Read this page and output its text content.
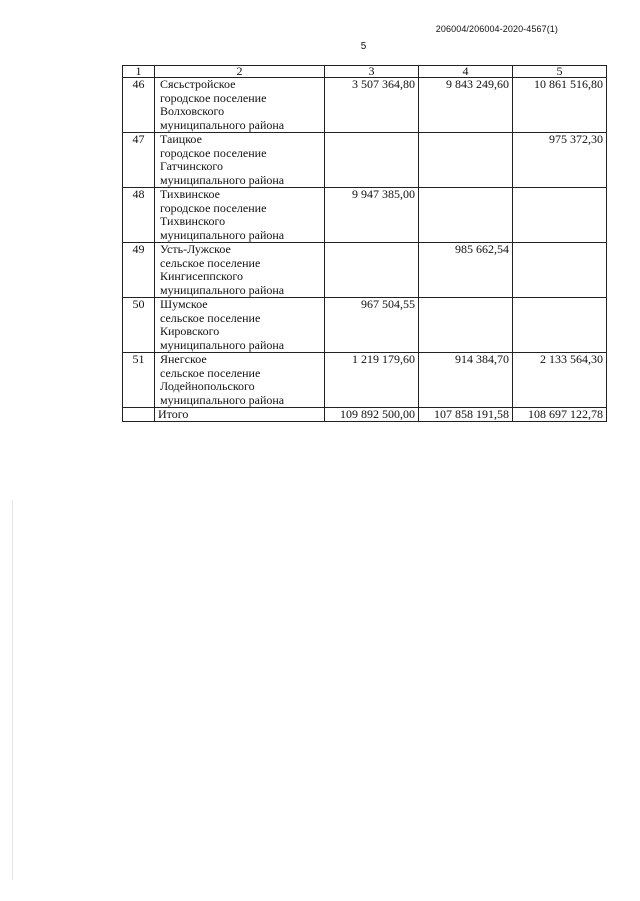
206004/206004-2020-4567(1)
5
1	2	3	4	5
46	Сясьстройское
городское поселение
Волховского
муниципального района	3 507 364,80	9 843 249,60	10 861 516,80
47	Таицкое
городское поселение
Гатчинского
муниципального района			975 372,30
48	Тихвинское
городское поселение
Тихвинского
муниципального района	9 947 385,00		
49	Усть-Лужское
сельское поселение
Кингисеппского
муниципального района		985 662,54	
50	Шумское
сельское поселение
Кировского
муниципального района	967 504,55		
51	Янегское
сельское поселение
Лодейнопольского
муниципального района	1 219 179,60	914 384,70	2 133 564,30
	Итого	109 892 500,00	107 858 191,58	108 697 122,78
